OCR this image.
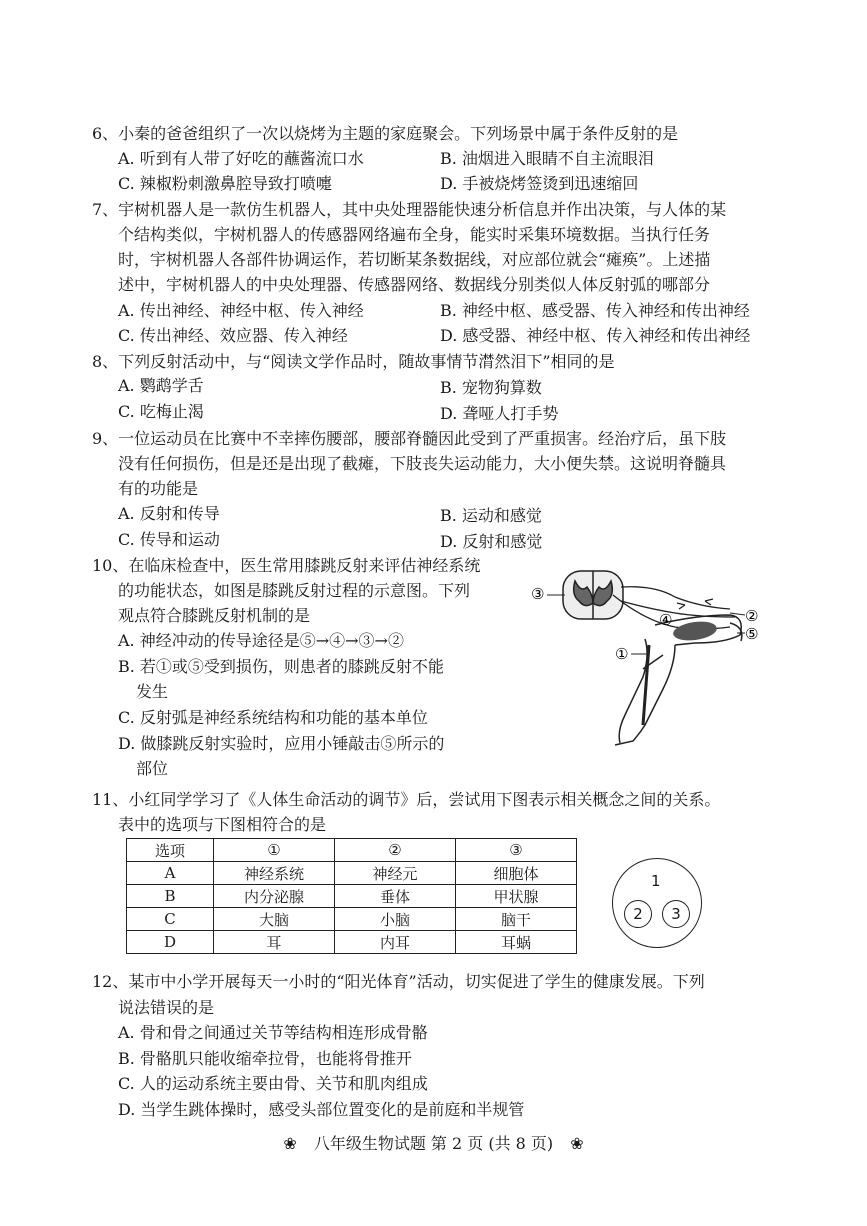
6、小秦的爸爸组织了一次以烧烤为主题的家庭聚会。下列场景中属于条件反射的是
A. 听到有人带了好吃的蘸酱流口水	B. 油烟进入眼睛不自主流眼泪
C. 辣椒粉刺激鼻腔导致打喷嚏	D. 手被烧烤签烫到迅速缩回
7、宇树机器人是一款仿生机器人，其中央处理器能快速分析信息并作出决策，与人体的某
个结构类似，宇树机器人的传感器网络遍布全身，能实时采集环境数据。当执行任务
时，宇树机器人各部件协调运作，若切断某条数据线，对应部位就会“瘫痪”。上述描
述中，宇树机器人的中央处理器、传感器网络、数据线分别类似人体反射弧的哪部分
A. 传出神经、神经中枢、传入神经	B. 神经中枢、感受器、传入神经和传出神经
C. 传出神经、效应器、传入神经	D. 感受器、神经中枢、传入神经和传出神经
8、下列反射活动中，与“阅读文学作品时，随故事情节潸然泪下”相同的是
A. 鹦鹉学舌	B. 宠物狗算数
C. 吃梅止渴	D. 聋哑人打手势
9、一位运动员在比赛中不幸摔伤腰部，腰部脊髓因此受到了严重损害。经治疗后，虽下肢
没有任何损伤，但是还是出现了截瘫，下肢丧失运动能力，大小便失禁。这说明脊髓具
有的功能是
A. 反射和传导	B. 运动和感觉
C. 传导和运动	D. 反射和感觉
10、在临床检查中，医生常用膝跳反射来评估神经系统
的功能状态，如图是膝跳反射过程的示意图。下列
观点符合膝跳反射机制的是
A. 神经冲动的传导途径是⑤→④→③→②
B. 若①或⑤受到损伤，则患者的膝跳反射不能
发生
C. 反射弧是神经系统结构和功能的基本单位
D. 做膝跳反射实验时，应用小锤敲击⑤所示的
部位
③
②
④
⑤
①
11、小红同学学习了《人体生命活动的调节》后，尝试用下图表示相关概念之间的关系。
表中的选项与下图相符合的是
选项	①	②	③
A	神经系统	神经元	细胞体
B	内分泌腺	垂体	甲状腺
C	大脑	小脑	脑干
D	耳	内耳	耳蜗
1
2	3
12、某市中小学开展每天一小时的“阳光体育”活动，切实促进了学生的健康发展。下列
说法错误的是
A. 骨和骨之间通过关节等结构相连形成骨骼
B. 骨骼肌只能收缩牵拉骨，也能将骨推开
C. 人的运动系统主要由骨、关节和肌肉组成
D. 当学生跳体操时，感受头部位置变化的是前庭和半规管
❀ 八年级生物试题 第 2 页 (共 8 页) ❀
